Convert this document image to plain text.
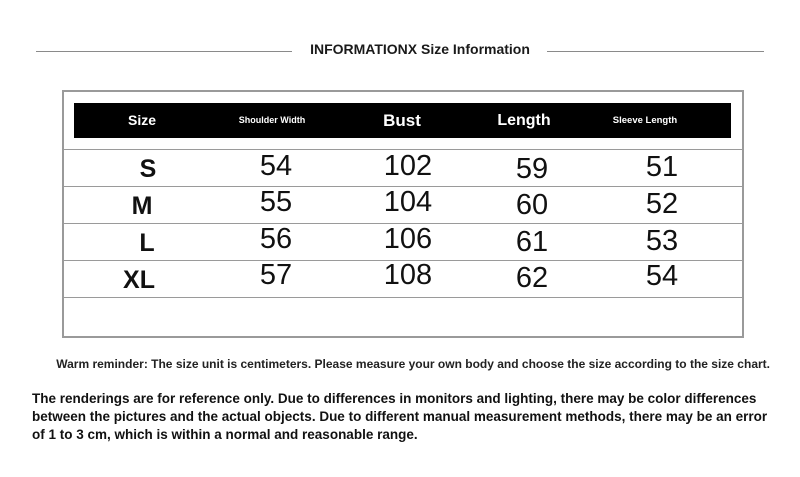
INFORMATIONX Size Information
Size	Shoulder Width	Bust	Length	Sleeve Length
S	54	102	59	51
M	55	104	60	52
L	56	106	61	53
XL	57	108	62	54
Warm reminder: The size unit is centimeters. Please measure your own body and choose the size according to the size chart.
The renderings are for reference only. Due to differences in monitors and lighting, there may be color differences between the pictures and the actual objects. Due to different manual measurement methods, there may be an error of 1 to 3 cm, which is within a normal and reasonable range.
